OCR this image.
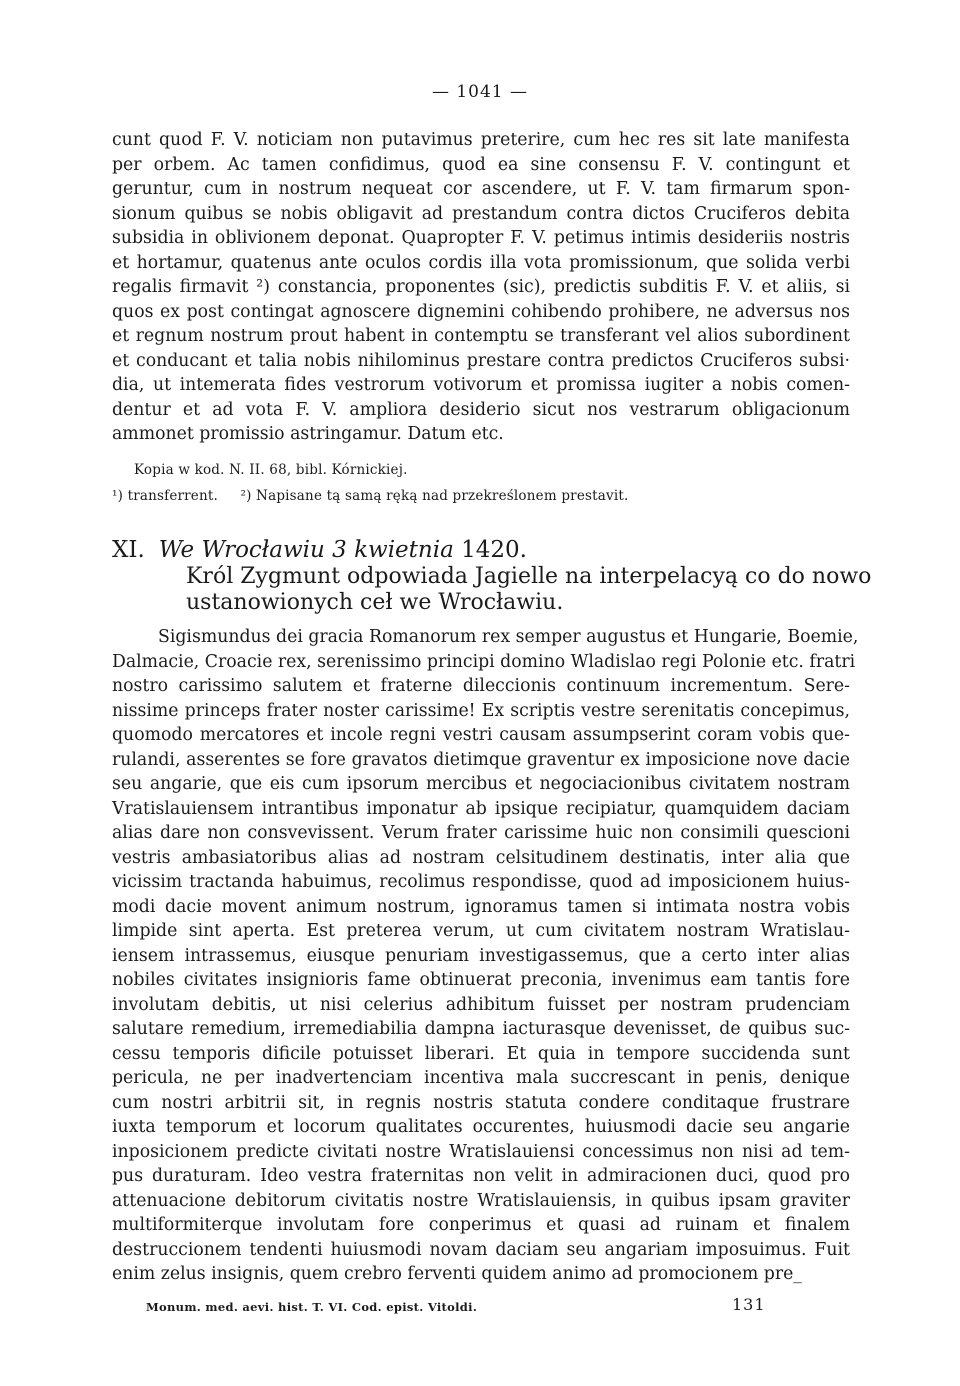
— 1041 —
cunt quod F. V. noticiam non putavimus preterire, cum hec res sit late manifesta
per orbem. Ac tamen confidimus, quod ea sine consensu F. V. contingunt et
geruntur, cum in nostrum nequeat cor ascendere, ut F. V. tam firmarum spon-
sionum quibus se nobis obligavit ad prestandum contra dictos Cruciferos debita
subsidia in oblivionem deponat. Quapropter F. V. petimus intimis desideriis nostris
et hortamur, quatenus ante oculos cordis illa vota promissionum, que solida verbi
regalis firmavit ²) constancia, proponentes (sic), predictis subditis F. V. et aliis, si
quos ex post contingat agnoscere dignemini cohibendo prohibere, ne adversus nos
et regnum nostrum prout habent in contemptu se transferant vel alios subordinent
et conducant et talia nobis nihilominus prestare contra predictos Cruciferos subsi·
dia, ut intemerata fides vestrorum votivorum et promissa iugiter a nobis comen-
dentur et ad vota F. V. ampliora desiderio sicut nos vestrarum obligacionum
ammonet promissio astringamur. Datum etc.
Kopia w kod. N. II. 68, bibl. Kórnickiej.
¹) transferrent. ²) Napisane tą samą ręką nad przekreślonem prestavit.
XI. We Wrocławiu 3 kwietnia 1420.
Król Zygmunt odpowiada Jagielle na interpelacyą co do nowo
ustanowionych ceł we Wrocławiu.
Sigismundus dei gracia Romanorum rex semper augustus et Hungarie, Boemie,
Dalmacie, Croacie rex, serenissimo principi domino Wladislao regi Polonie etc. fratri
nostro carissimo salutem et fraterne dileccionis continuum incrementum. Sere-
nissime princeps frater noster carissime! Ex scriptis vestre serenitatis concepimus,
quomodo mercatores et incole regni vestri causam assumpserint coram vobis que-
rulandi, asserentes se fore gravatos dietimque graventur ex imposicione nove dacie
seu angarie, que eis cum ipsorum mercibus et negociacionibus civitatem nostram
Vratislauiensem intrantibus imponatur ab ipsique recipiatur, quamquidem daciam
alias dare non consvevissent. Verum frater carissime huic non consimili quescioni
vestris ambasiatoribus alias ad nostram celsitudinem destinatis, inter alia que
vicissim tractanda habuimus, recolimus respondisse, quod ad imposicionem huius-
modi dacie movent animum nostrum, ignoramus tamen si intimata nostra vobis
limpide sint aperta. Est preterea verum, ut cum civitatem nostram Wratislau-
iensem intrassemus, eiusque penuriam investigassemus, que a certo inter alias
nobiles civitates insignioris fame obtinuerat preconia, invenimus eam tantis fore
involutam debitis, ut nisi celerius adhibitum fuisset per nostram prudenciam
salutare remedium, irremediabilia dampna iacturasque devenisset, de quibus suc-
cessu temporis dificile potuisset liberari. Et quia in tempore succidenda sunt
pericula, ne per inadvertenciam incentiva mala succrescant in penis, denique
cum nostri arbitrii sit, in regnis nostris statuta condere conditaque frustrare
iuxta temporum et locorum qualitates occurentes, huiusmodi dacie seu angarie
inposicionem predicte civitati nostre Wratislauiensi concessimus non nisi ad tem-
pus duraturam. Ideo vestra fraternitas non velit in admiracionen duci, quod pro
attenuacione debitorum civitatis nostre Wratislauiensis, in quibus ipsam graviter
multiformiterque involutam fore conperimus et quasi ad ruinam et finalem
destruccionem tendenti huiusmodi novam daciam seu angariam imposuimus. Fuit
enim zelus insignis, quem crebro ferventi quidem animo ad promocionem pre_
Monum. med. aevi. hist. T. VI. Cod. epist. Vitoldi.	131
